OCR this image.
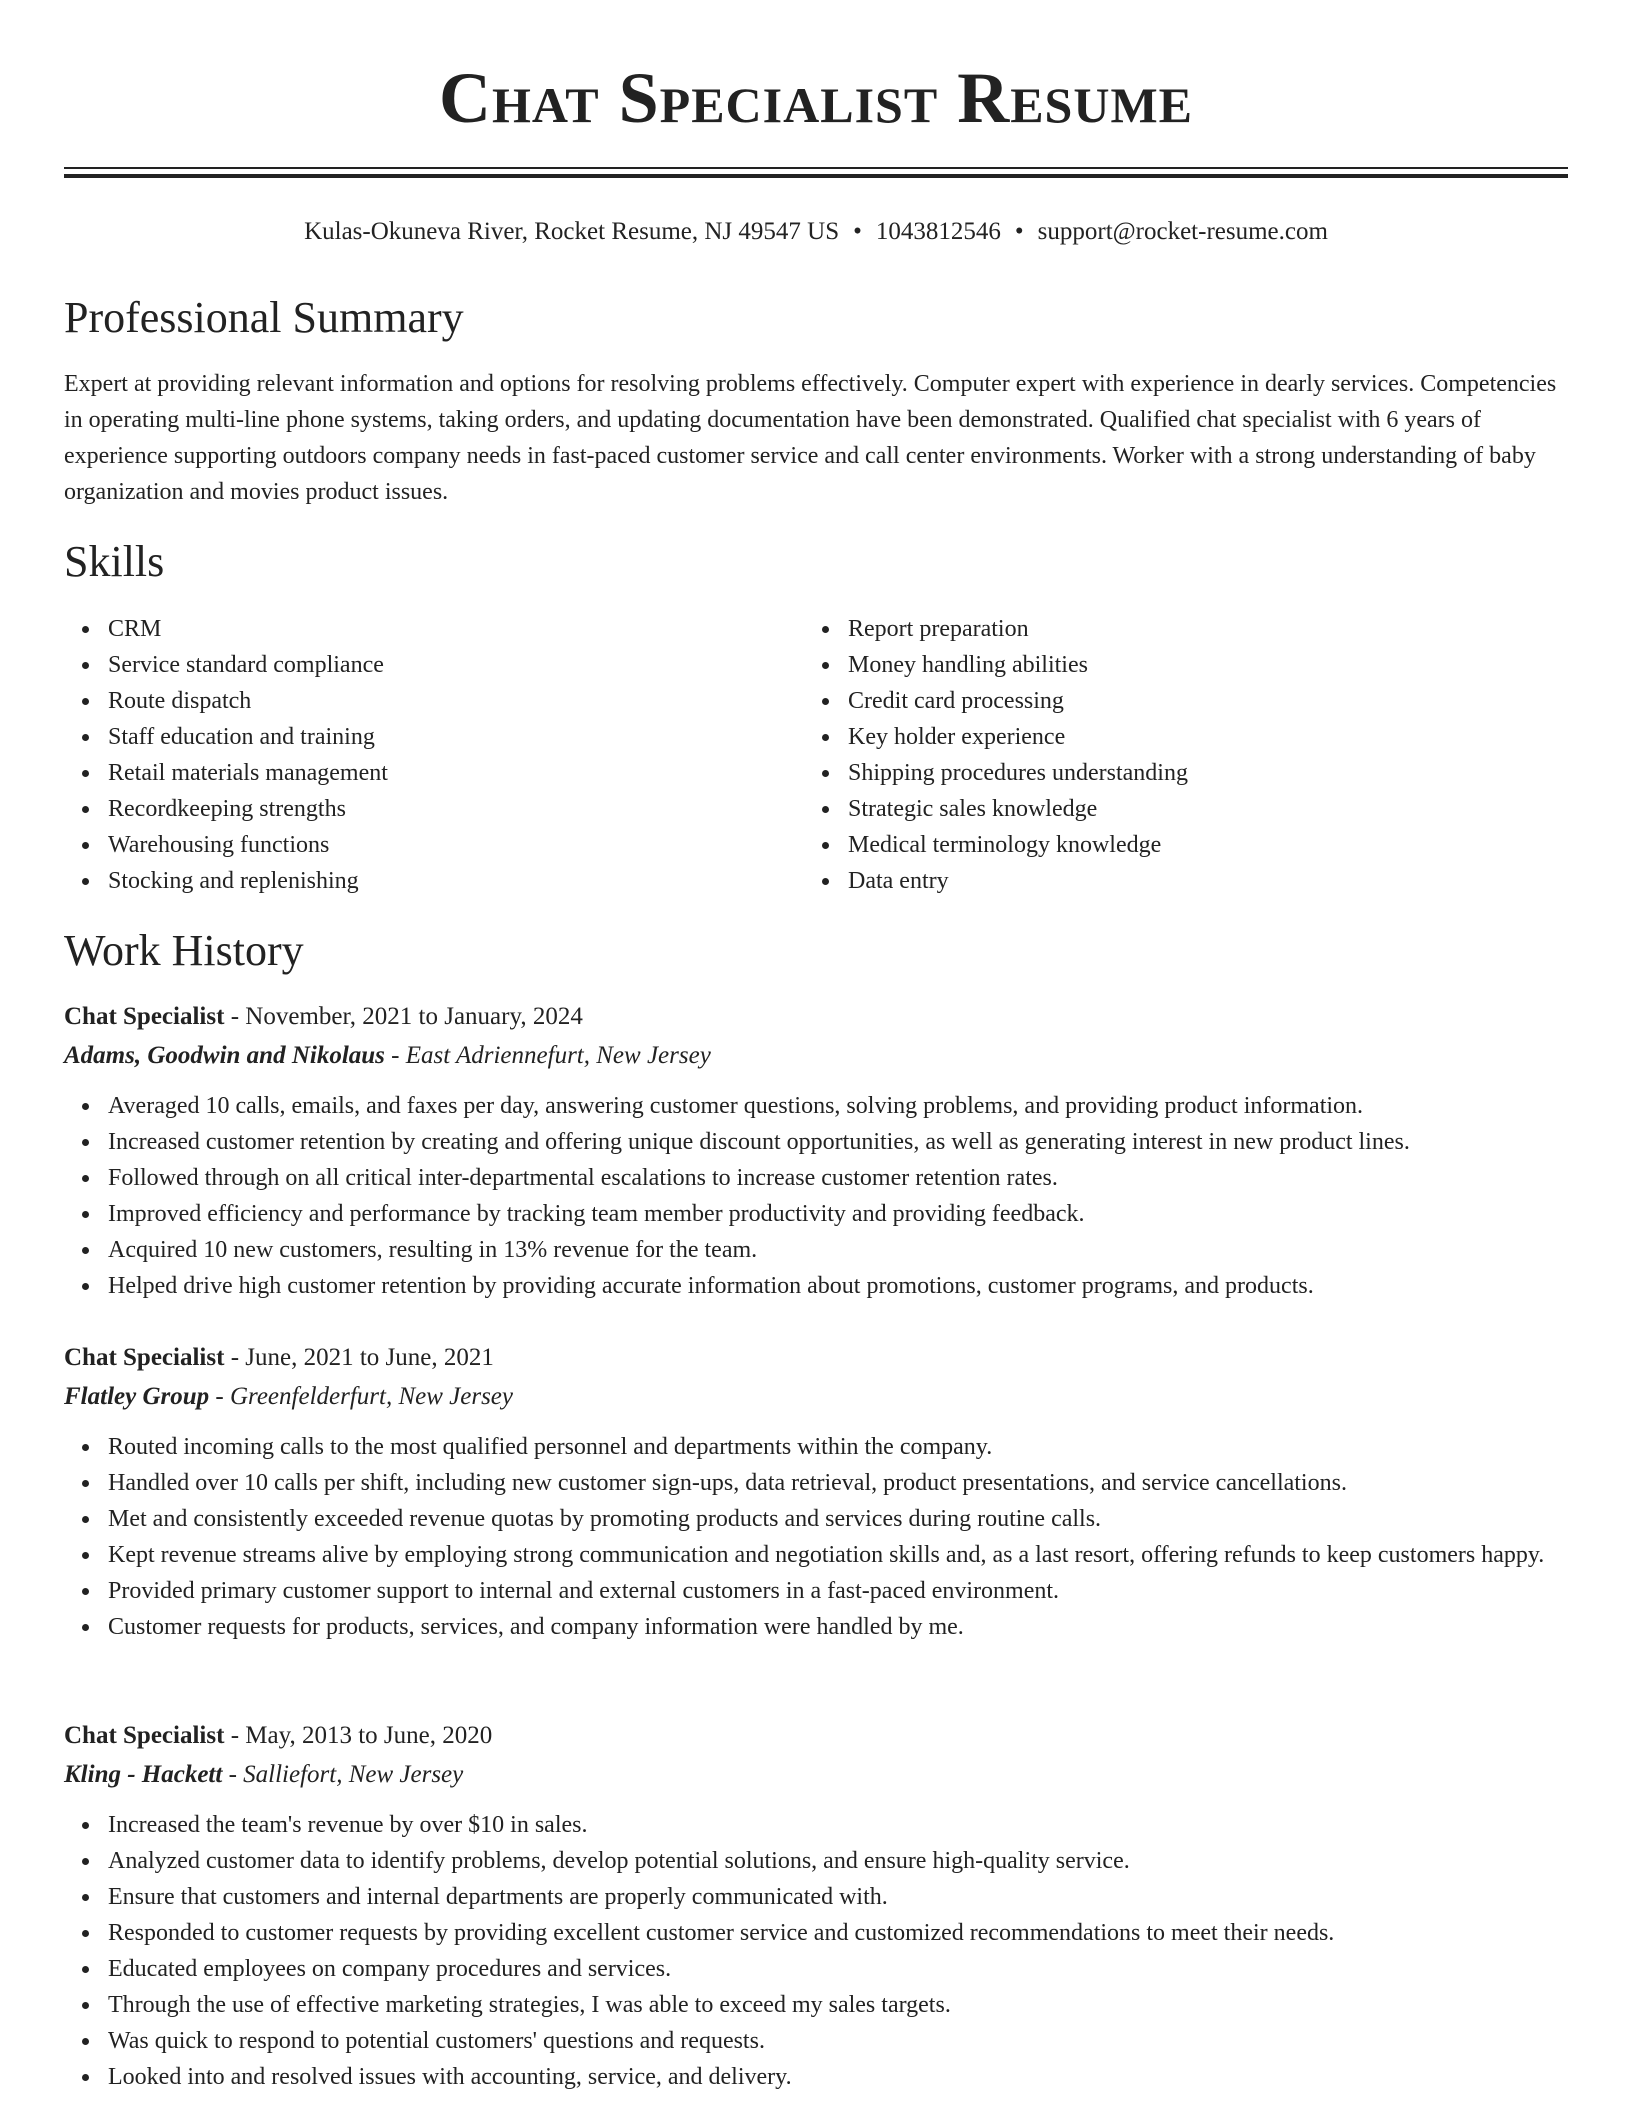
Chat Specialist Resume
Kulas-Okuneva River, Rocket Resume, NJ 49547 US • 1043812546 • support@rocket-resume.com
Professional Summary

Expert at providing relevant information and options for resolving problems effectively. Computer expert with experience in dearly services. Competencies in operating multi-line phone systems, taking orders, and updating documentation have been demonstrated. Qualified chat specialist with 6 years of experience supporting outdoors company needs in fast-paced customer service and call center environments. Worker with a strong understanding of baby organization and movies product issues.

Skills
CRM
Service standard compliance
Route dispatch
Staff education and training
Retail materials management
Recordkeeping strengths
Warehousing functions
Stocking and replenishing
Report preparation
Money handling abilities
Credit card processing
Key holder experience
Shipping procedures understanding
Strategic sales knowledge
Medical terminology knowledge
Data entry
Work History
Chat Specialist - November, 2021 to January, 2024
Adams, Goodwin and Nikolaus - East Adriennefurt, New Jersey
Averaged 10 calls, emails, and faxes per day, answering customer questions, solving problems, and providing product information.
Increased customer retention by creating and offering unique discount opportunities, as well as generating interest in new product lines.
Followed through on all critical inter-departmental escalations to increase customer retention rates.
Improved efficiency and performance by tracking team member productivity and providing feedback.
Acquired 10 new customers, resulting in 13% revenue for the team.
Helped drive high customer retention by providing accurate information about promotions, customer programs, and products.
Chat Specialist - June, 2021 to June, 2021
Flatley Group - Greenfelderfurt, New Jersey
Routed incoming calls to the most qualified personnel and departments within the company.
Handled over 10 calls per shift, including new customer sign-ups, data retrieval, product presentations, and service cancellations.
Met and consistently exceeded revenue quotas by promoting products and services during routine calls.
Kept revenue streams alive by employing strong communication and negotiation skills and, as a last resort, offering refunds to keep customers happy.
Provided primary customer support to internal and external customers in a fast-paced environment.
Customer requests for products, services, and company information were handled by me.
Chat Specialist - May, 2013 to June, 2020
Kling - Hackett - Salliefort, New Jersey
Increased the team's revenue by over $10 in sales.
Analyzed customer data to identify problems, develop potential solutions, and ensure high-quality service.
Ensure that customers and internal departments are properly communicated with.
Responded to customer requests by providing excellent customer service and customized recommendations to meet their needs.
Educated employees on company procedures and services.
Through the use of effective marketing strategies, I was able to exceed my sales targets.
Was quick to respond to potential customers' questions and requests.
Looked into and resolved issues with accounting, service, and delivery.
